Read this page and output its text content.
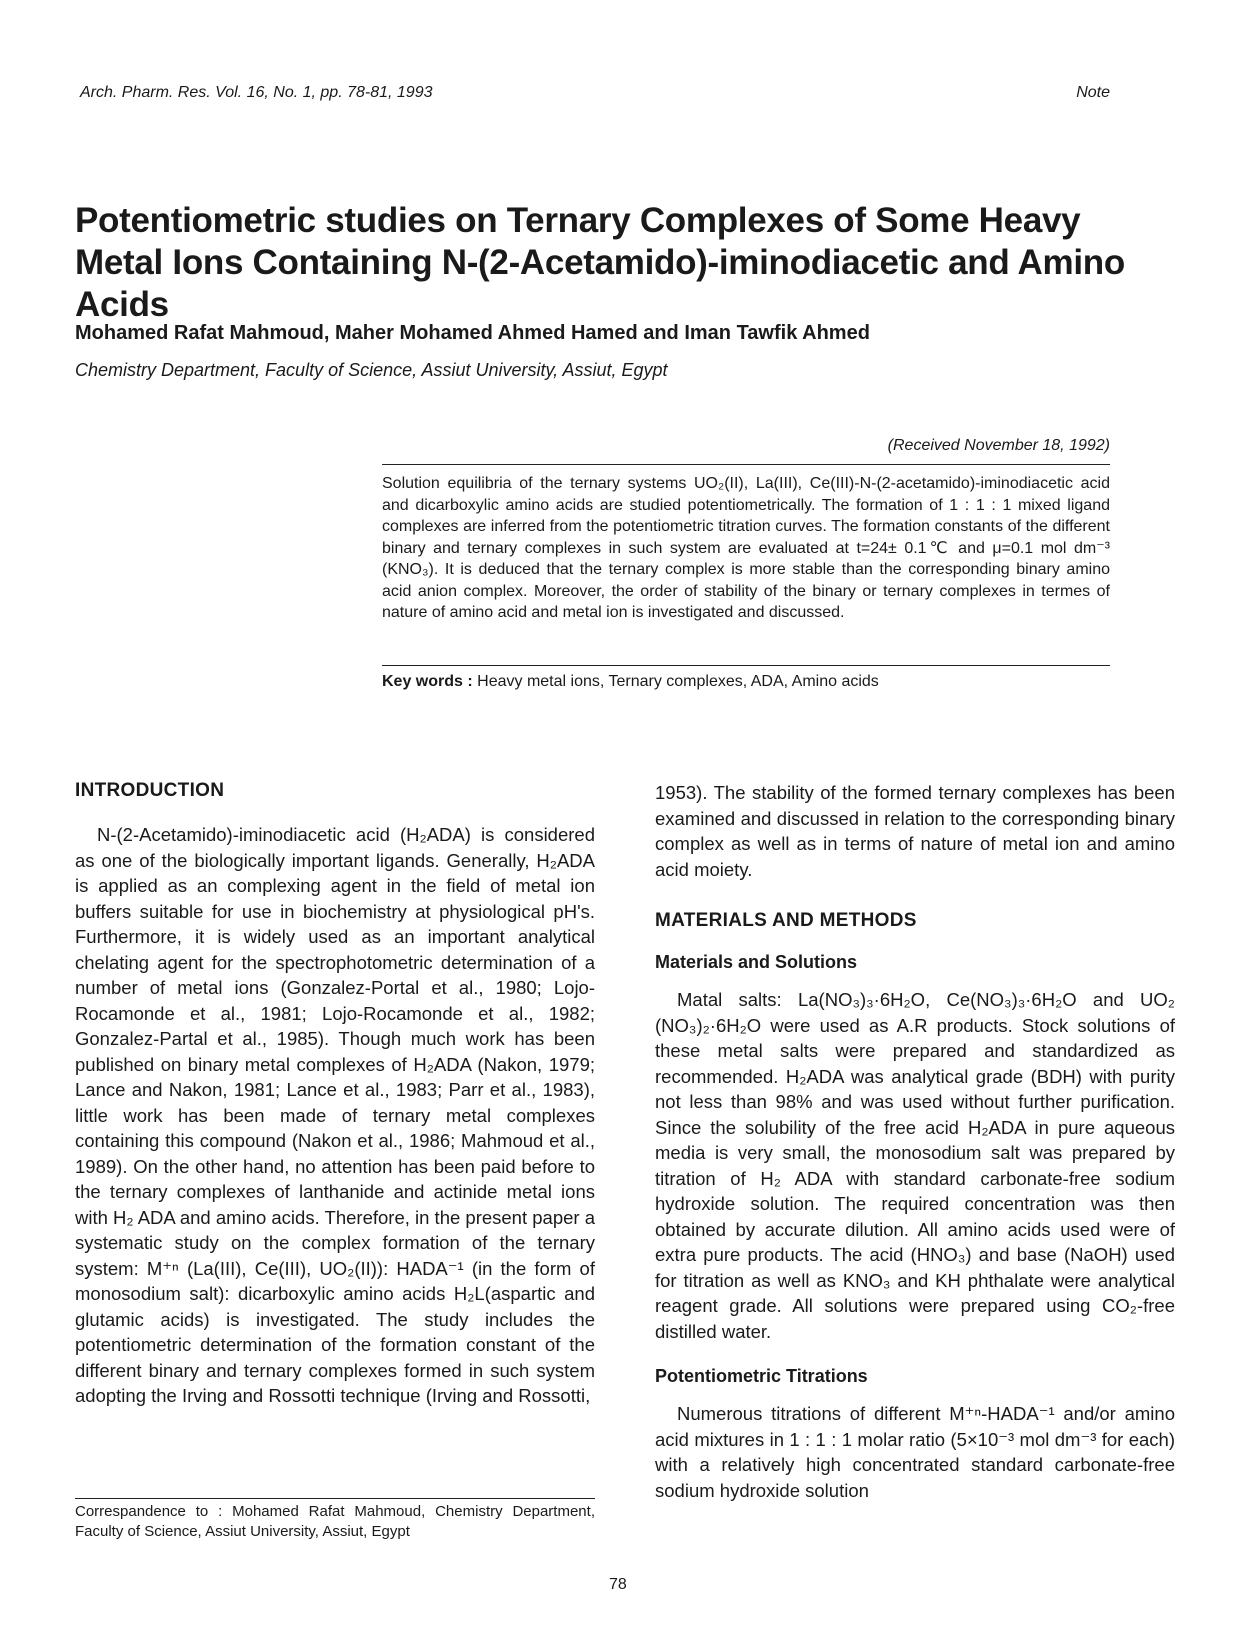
Arch. Pharm. Res. Vol. 16, No. 1, pp. 78-81, 1993	Note
Potentiometric studies on Ternary Complexes of Some Heavy Metal Ions Containing N-(2-Acetamido)-iminodiacetic and Amino Acids
Mohamed Rafat Mahmoud, Maher Mohamed Ahmed Hamed and Iman Tawfik Ahmed
Chemistry Department, Faculty of Science, Assiut University, Assiut, Egypt
(Received November 18, 1992)
Solution equilibria of the ternary systems UO₂(II), La(III), Ce(III)-N-(2-acetamido)-iminodiacetic acid and dicarboxylic amino acids are studied potentiometrically. The formation of 1 : 1 : 1 mixed ligand complexes are inferred from the potentiometric titration curves. The formation constants of the different binary and ternary complexes in such system are evaluated at t=24± 0.1℃ and μ=0.1 mol dm⁻³ (KNO₃). It is deduced that the ternary complex is more stable than the corresponding binary amino acid anion complex. Moreover, the order of stability of the binary or ternary complexes in termes of nature of amino acid and metal ion is investigated and discussed.
Key words : Heavy metal ions, Ternary complexes, ADA, Amino acids
INTRODUCTION

N-(2-Acetamido)-iminodiacetic acid (H₂ADA) is considered as one of the biologically important ligands. Generally, H₂ADA is applied as an complexing agent in the field of metal ion buffers suitable for use in biochemistry at physiological pH's. Furthermore, it is widely used as an important analytical chelating agent for the spectrophotometric determination of a number of metal ions (Gonzalez-Portal et al., 1980; Lojo-Rocamonde et al., 1981; Lojo-Rocamonde et al., 1982; Gonzalez-Partal et al., 1985). Though much work has been published on binary metal complexes of H₂ADA (Nakon, 1979; Lance and Nakon, 1981; Lance et al., 1983; Parr et al., 1983), little work has been made of ternary metal complexes containing this compound (Nakon et al., 1986; Mahmoud et al., 1989). On the other hand, no attention has been paid before to the ternary complexes of lanthanide and actinide metal ions with H₂ ADA and amino acids. Therefore, in the present paper a systematic study on the complex formation of the ternary system: M⁺ⁿ (La(III), Ce(III), UO₂(II)): HADA⁻¹ (in the form of monosodium salt): dicarboxylic amino acids H₂L(aspartic and glutamic acids) is investigated. The study includes the potentiometric determination of the formation constant of the different binary and ternary complexes formed in such system adopting the Irving and Rossotti technique (Irving and Rossotti,

Correspandence to : Mohamed Rafat Mahmoud, Chemistry Department, Faculty of Science, Assiut University, Assiut, Egypt

1953). The stability of the formed ternary complexes has been examined and discussed in relation to the corresponding binary complex as well as in terms of nature of metal ion and amino acid moiety.

MATERIALS AND METHODS
Materials and Solutions

Matal salts: La(NO₃)₃·6H₂O, Ce(NO₃)₃·6H₂O and UO₂ (NO₃)₂·6H₂O were used as A.R products. Stock solutions of these metal salts were prepared and standardized as recommended. H₂ADA was analytical grade (BDH) with purity not less than 98% and was used without further purification. Since the solubility of the free acid H₂ADA in pure aqueous media is very small, the monosodium salt was prepared by titration of H₂ ADA with standard carbonate-free sodium hydroxide solution. The required concentration was then obtained by accurate dilution. All amino acids used were of extra pure products. The acid (HNO₃) and base (NaOH) used for titration as well as KNO₃ and KH phthalate were analytical reagent grade. All solutions were prepared using CO₂-free distilled water.

Potentiometric Titrations

Numerous titrations of different M⁺ⁿ-HADA⁻¹ and/or amino acid mixtures in 1 : 1 : 1 molar ratio (5×10⁻³ mol dm⁻³ for each) with a relatively high concentrated standard carbonate-free sodium hydroxide solution

78
